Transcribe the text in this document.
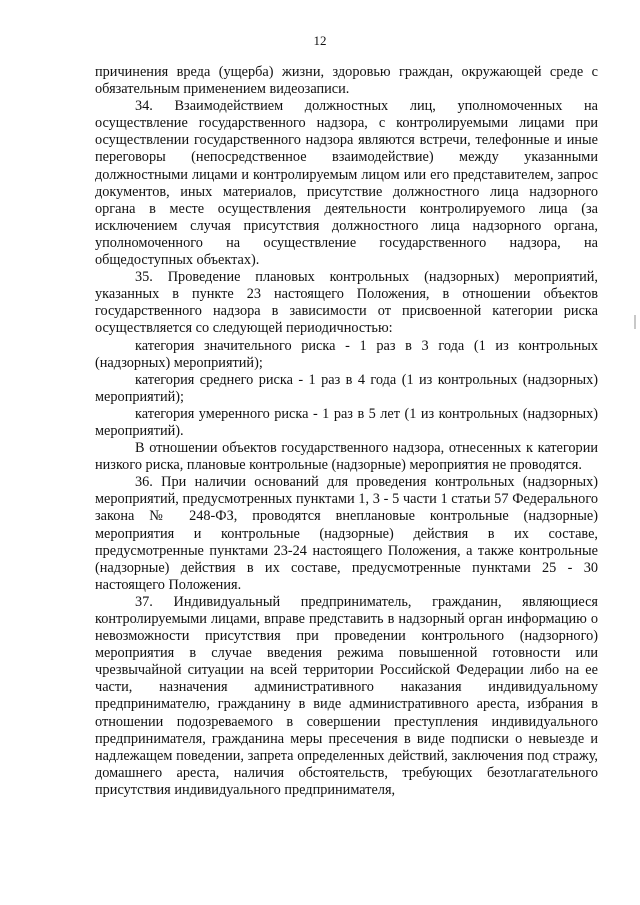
12

причинения вреда (ущерба) жизни, здоровью граждан, окружающей среде с обязательным применением видеозаписи.

34. Взаимодействием должностных лиц, уполномоченных на осуществление государственного надзора, с контролируемыми лицами при осуществлении государственного надзора являются встречи, телефонные и иные переговоры (непосредственное взаимодействие) между указанными должностными лицами и контролируемым лицом или его представителем, запрос документов, иных материалов, присутствие должностного лица надзорного органа в месте осуществления деятельности контролируемого лица (за исключением случая присутствия должностного лица надзорного органа, уполномоченного на осуществление государственного надзора, на общедоступных объектах).

35. Проведение плановых контрольных (надзорных) мероприятий, указанных в пункте 23 настоящего Положения, в отношении объектов государственного надзора в зависимости от присвоенной категории риска осуществляется со следующей периодичностью:

категория значительного риска - 1 раз в 3 года (1 из контрольных (надзорных) мероприятий);

категория среднего риска - 1 раз в 4 года (1 из контрольных (надзорных) мероприятий);

категория умеренного риска - 1 раз в 5 лет (1 из контрольных (надзорных) мероприятий).

В отношении объектов государственного надзора, отнесенных к категории низкого риска, плановые контрольные (надзорные) мероприятия не проводятся.

36. При наличии оснований для проведения контрольных (надзорных) мероприятий, предусмотренных пунктами 1, 3 - 5 части 1 статьи 57 Федерального закона № 248-ФЗ, проводятся внеплановые контрольные (надзорные) мероприятия и контрольные (надзорные) действия в их составе, предусмотренные пунктами 23-24 настоящего Положения, а также контрольные (надзорные) действия в их составе, предусмотренные пунктами 25 - 30 настоящего Положения.

37. Индивидуальный предприниматель, гражданин, являющиеся контролируемыми лицами, вправе представить в надзорный орган информацию о невозможности присутствия при проведении контрольного (надзорного) мероприятия в случае введения режима повышенной готовности или чрезвычайной ситуации на всей территории Российской Федерации либо на ее части, назначения административного наказания индивидуальному предпринимателю, гражданину в виде административного ареста, избрания в отношении подозреваемого в совершении преступления индивидуального предпринимателя, гражданина меры пресечения в виде подписки о невыезде и надлежащем поведении, запрета определенных действий, заключения под стражу, домашнего ареста, наличия обстоятельств, требующих безотлагательного присутствия индивидуального предпринимателя,
